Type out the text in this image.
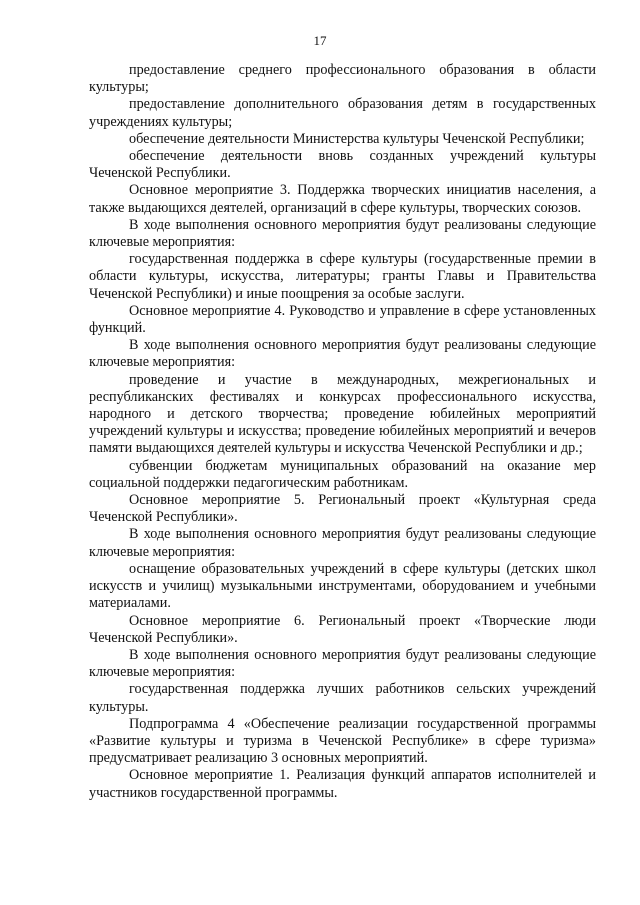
17

предоставление среднего профессионального образования в области культуры;

предоставление дополнительного образования детям в государственных учреждениях культуры;

обеспечение деятельности Министерства культуры Чеченской Республики;

обеспечение деятельности вновь созданных учреждений культуры Чеченской Республики.

Основное мероприятие 3. Поддержка творческих инициатив населения, а также выдающихся деятелей, организаций в сфере культуры, творческих союзов.

В ходе выполнения основного мероприятия будут реализованы следующие ключевые мероприятия:

государственная поддержка в сфере культуры (государственные премии в области культуры, искусства, литературы; гранты Главы и Правительства Чеченской Республики) и иные поощрения за особые заслуги.

Основное мероприятие 4. Руководство и управление в сфере установленных функций.

В ходе выполнения основного мероприятия будут реализованы следующие ключевые мероприятия:

проведение и участие в международных, межрегиональных и республиканских фестивалях и конкурсах профессионального искусства, народного и детского творчества; проведение юбилейных мероприятий учреждений культуры и искусства; проведение юбилейных мероприятий и вечеров памяти выдающихся деятелей культуры и искусства Чеченской Республики и др.;

субвенции бюджетам муниципальных образований на оказание мер социальной поддержки педагогическим работникам.

Основное мероприятие 5. Региональный проект «Культурная среда Чеченской Республики».

В ходе выполнения основного мероприятия будут реализованы следующие ключевые мероприятия:

оснащение образовательных учреждений в сфере культуры (детских школ искусств и училищ) музыкальными инструментами, оборудованием и учебными материалами.

Основное мероприятие 6. Региональный проект «Творческие люди Чеченской Республики».

В ходе выполнения основного мероприятия будут реализованы следующие ключевые мероприятия:

государственная поддержка лучших работников сельских учреждений культуры.

Подпрограмма 4 «Обеспечение реализации государственной программы «Развитие культуры и туризма в Чеченской Республике» в сфере туризма» предусматривает реализацию 3 основных мероприятий.

Основное мероприятие 1. Реализация функций аппаратов исполнителей и участников государственной программы.
